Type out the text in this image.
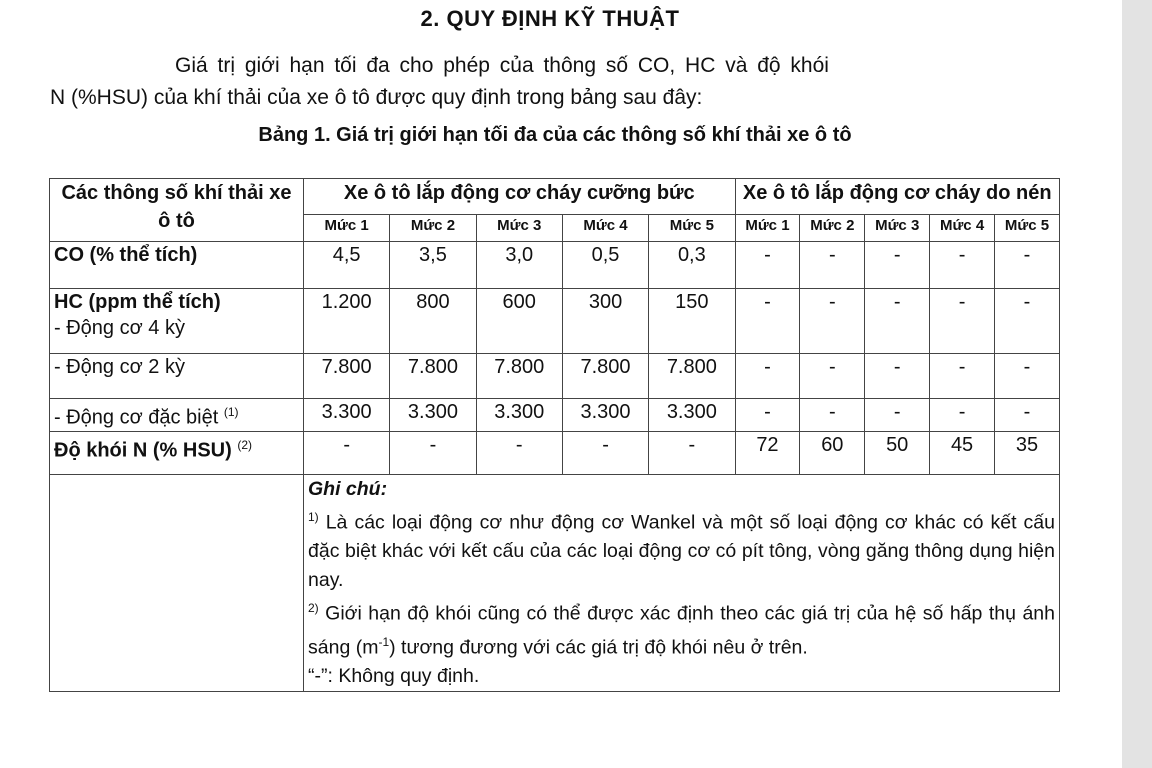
2. QUY ĐỊNH KỸ THUẬT
Giá trị giới hạn tối đa cho phép của thông số CO, HC và độ khói
N (%HSU) của khí thải của xe ô tô được quy định trong bảng sau đây:
Bảng 1. Giá trị giới hạn tối đa của các thông số khí thải xe ô tô
Các thông số khí thải xe ô tô	Xe ô tô lắp động cơ cháy cưỡng bức					Xe ô tô lắp động cơ cháy do nén				
	Mức 1	Mức 2	Mức 3	Mức 4	Mức 5	Mức 1	Mức 2	Mức 3	Mức 4	Mức 5
CO (% thể tích)	4,5	3,5	3,0	0,5	0,3	-	-	-	-	-
HC (ppm thể tích)
- Động cơ 4 kỳ	1.200	800	600	300	150	-	-	-	-	-
- Động cơ 2 kỳ	7.800	7.800	7.800	7.800	7.800	-	-	-	-	-
- Động cơ đặc biệt $^{(1)}$	3.300	3.300	3.300	3.300	3.300	-	-	-	-	-
Độ khói N (% HSU) $^{(2)}$	-	-	-	-	-	72	60	50	45	35

	Ghi chú:

$^{1)}$ Là các loại động cơ như động cơ Wankel và một số loại động cơ khác có kết cấu đặc biệt khác với kết cấu của các loại động cơ có pít tông, vòng găng thông dụng hiện nay.

$^{2)}$ Giới hạn độ khói cũng có thể được xác định theo các giá trị của hệ số hấp thụ ánh sáng $(m^{-1})$ tương đương với các giá trị độ khói nêu ở trên.

“-”: Không quy định.									
